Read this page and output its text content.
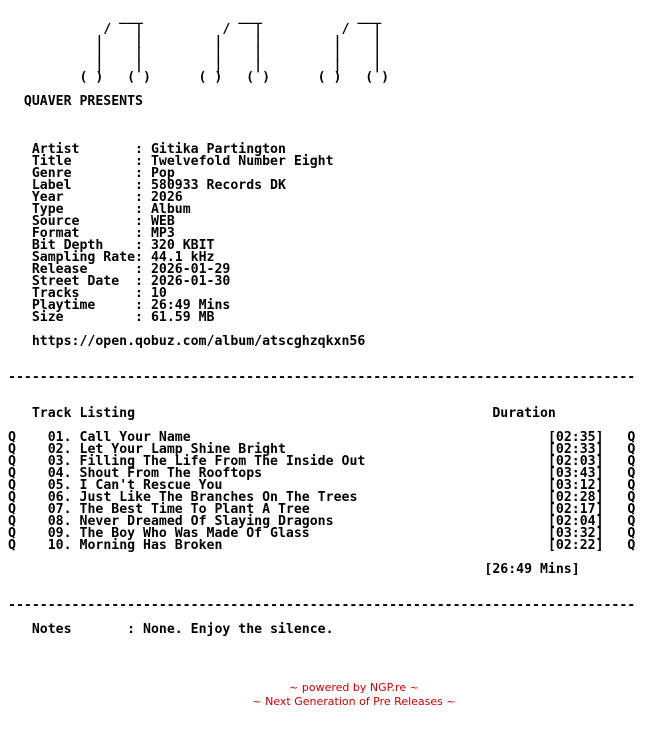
___            ___            ___
/   |          /   |          /   |
|    |         |    |         |    |
|    |         |    |         |    |
|    |         |    |         |    |
( )   ( )      ( )   ( )      ( )   ( )

QUAVER PRESENTS

Artist       : Gitika Partington
Title        : Twelvefold Number Eight
Genre        : Pop
Label        : 580933 Records DK
Year         : 2026
Type         : Album
Source       : WEB
Format       : MP3
Bit Depth    : 320 KBIT
Sampling Rate: 44.1 kHz
Release      : 2026-01-29
Street Date  : 2026-01-30
Tracks       : 10
Playtime     : 26:49 Mins
Size         : 61.59 MB

https://open.qobuz.com/album/atscghzqkxn56

-------------------------------------------------------------------------------

Track Listing	Duration

Q 01. Call Your Name	[02:35] Q
Q 02. Let Your Lamp Shine Bright	[02:33] Q
Q 03. Filling The Life From The Inside Out	[02:03] Q
Q 04. Shout From The Rooftops	[03:43] Q
Q 05. I Can't Rescue You	[03:12] Q
Q 06. Just Like The Branches On The Trees	[02:28] Q
Q 07. The Best Time To Plant A Tree	[02:17] Q
Q 08. Never Dreamed Of Slaying Dragons	[02:04] Q
Q 09. The Boy Who Was Made Of Glass	[03:32] Q
Q 10. Morning Has Broken	[02:22] Q

[26:49 Mins]

-------------------------------------------------------------------------------

Notes       : None. Enjoy the silence.

~ powered by NGP.re ~
~ Next Generation of Pre Releases ~
